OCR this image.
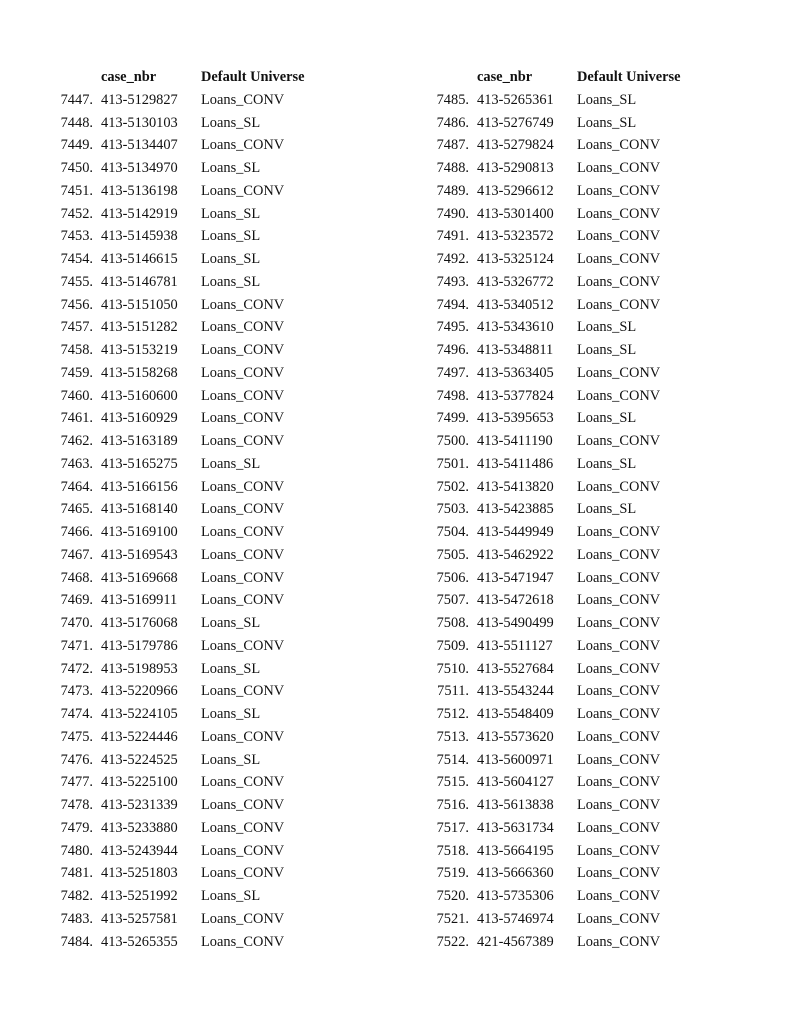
case_nbr	Default Universe
7447. 413-5129827 Loans_CONV
7448. 413-5130103 Loans_SL
7449. 413-5134407 Loans_CONV
7450. 413-5134970 Loans_SL
7451. 413-5136198 Loans_CONV
7452. 413-5142919 Loans_SL
7453. 413-5145938 Loans_SL
7454. 413-5146615 Loans_SL
7455. 413-5146781 Loans_SL
7456. 413-5151050 Loans_CONV
7457. 413-5151282 Loans_CONV
7458. 413-5153219 Loans_CONV
7459. 413-5158268 Loans_CONV
7460. 413-5160600 Loans_CONV
7461. 413-5160929 Loans_CONV
7462. 413-5163189 Loans_CONV
7463. 413-5165275 Loans_SL
7464. 413-5166156 Loans_CONV
7465. 413-5168140 Loans_CONV
7466. 413-5169100 Loans_CONV
7467. 413-5169543 Loans_CONV
7468. 413-5169668 Loans_CONV
7469. 413-5169911 Loans_CONV
7470. 413-5176068 Loans_SL
7471. 413-5179786 Loans_CONV
7472. 413-5198953 Loans_SL
7473. 413-5220966 Loans_CONV
7474. 413-5224105 Loans_SL
7475. 413-5224446 Loans_CONV
7476. 413-5224525 Loans_SL
7477. 413-5225100 Loans_CONV
7478. 413-5231339 Loans_CONV
7479. 413-5233880 Loans_CONV
7480. 413-5243944 Loans_CONV
7481. 413-5251803 Loans_CONV
7482. 413-5251992 Loans_SL
7483. 413-5257581 Loans_CONV
7484. 413-5265355 Loans_CONV
case_nbr	Default Universe
7485. 413-5265361 Loans_SL
7486. 413-5276749 Loans_SL
7487. 413-5279824 Loans_CONV
7488. 413-5290813 Loans_CONV
7489. 413-5296612 Loans_CONV
7490. 413-5301400 Loans_CONV
7491. 413-5323572 Loans_CONV
7492. 413-5325124 Loans_CONV
7493. 413-5326772 Loans_CONV
7494. 413-5340512 Loans_CONV
7495. 413-5343610 Loans_SL
7496. 413-5348811 Loans_SL
7497. 413-5363405 Loans_CONV
7498. 413-5377824 Loans_CONV
7499. 413-5395653 Loans_SL
7500. 413-5411190 Loans_CONV
7501. 413-5411486 Loans_SL
7502. 413-5413820 Loans_CONV
7503. 413-5423885 Loans_SL
7504. 413-5449949 Loans_CONV
7505. 413-5462922 Loans_CONV
7506. 413-5471947 Loans_CONV
7507. 413-5472618 Loans_CONV
7508. 413-5490499 Loans_CONV
7509. 413-5511127 Loans_CONV
7510. 413-5527684 Loans_CONV
7511. 413-5543244 Loans_CONV
7512. 413-5548409 Loans_CONV
7513. 413-5573620 Loans_CONV
7514. 413-5600971 Loans_CONV
7515. 413-5604127 Loans_CONV
7516. 413-5613838 Loans_CONV
7517. 413-5631734 Loans_CONV
7518. 413-5664195 Loans_CONV
7519. 413-5666360 Loans_CONV
7520. 413-5735306 Loans_CONV
7521. 413-5746974 Loans_CONV
7522. 421-4567389 Loans_CONV
